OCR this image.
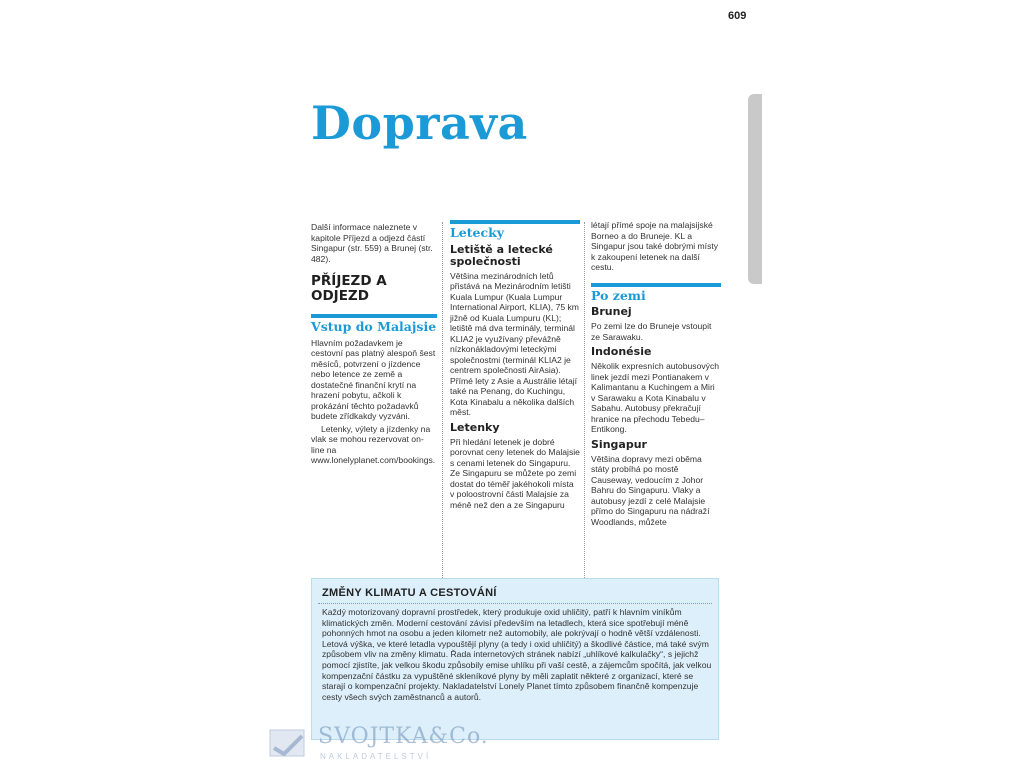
609
Doprava

Další informace naleznete v kapitole Příjezd a odjezd částí Singapur (str. 559) a Brunej (str. 482).

PŘÍJEZD A ODJEZD
Vstup do Malajsie

Hlavním požadavkem je cestovní pas platný alespoň šest měsíců, potvrzení o jízdence nebo letence ze země a dostatečné finanční krytí na hrazení pobytu, ačkoli k prokázání těchto požadavků budete zřídkakdy vyzváni.

Letenky, výlety a jízdenky na vlak se mohou rezervovat on-line na www.lonelyplanet.com/bookings.

Letecky
Letiště a letecké společnosti

Většina mezinárodních letů přistává na Mezinárodním letišti Kuala Lumpur (Kuala Lumpur International Airport, KLIA), 75 km jižně od Kuala Lumpuru (KL); letiště má dva terminály, terminál KLIA2 je využívaný převážně nízkonákladovými leteckými společnostmi (terminál KLIA2 je centrem společnosti AirAsia). Přímé lety z Asie a Austrálie létají také na Penang, do Kuchingu, Kota Kinabalu a několika dalších měst.

Letenky

Při hledání letenek je dobré porovnat ceny letenek do Malajsie s cenami letenek do Singapuru. Ze Singapuru se můžete po zemi dostat do téměř jakéhokoli místa v poloostrovní části Malajsie za méně než den a ze Singapuru

létají přímé spoje na malajsijské Borneo a do Bruneje. KL a Singapur jsou také dobrými místy k zakoupení letenek na další cestu.

Po zemi
Brunej

Po zemi lze do Bruneje vstoupit ze Sarawaku.

Indonésie

Několik expresních autobusových linek jezdí mezi Pontianakem v Kalimantanu a Kuchingem a Miri v Sarawaku a Kota Kinabalu v Sabahu. Autobusy překračují hranice na přechodu Tebedu–Entikong.

Singapur

Většina dopravy mezi oběma státy probíhá po mostě Causeway, vedoucím z Johor Bahru do Singapuru. Vlaky a autobusy jezdí z celé Malajsie přímo do Singapuru na nádraží Woodlands, můžete

ZMĚNY KLIMATU A CESTOVÁNÍ

Každý motorizovaný dopravní prostředek, který produkuje oxid uhličitý, patří k hlavním viníkům klimatických změn. Moderní cestování závisí především na letadlech, která sice spotřebují méně pohonných hmot na osobu a jeden kilometr než automobily, ale pokrývají o hodně větší vzdálenosti. Letová výška, ve které letadla vypouštějí plyny (a tedy i oxid uhličitý) a škodlivé částice, má také svým způsobem vliv na změny klimatu. Řada internetových stránek nabízí „uhlíkové kalkulačky“, s jejichž pomocí zjistíte, jak velkou škodu způsobily emise uhlíku při vaší cestě, a zájemcům spočítá, jak velkou kompenzační částku za vypuštěné skleníkové plyny by měli zaplatit některé z organizací, které se starají o kompenzační projekty. Nakladatelství Lonely Planet tímto způsobem finančně kompenzuje cesty všech svých zaměstnanců a autorů.

SVOJTKA&Co.
NAKLADATELSTVÍ
